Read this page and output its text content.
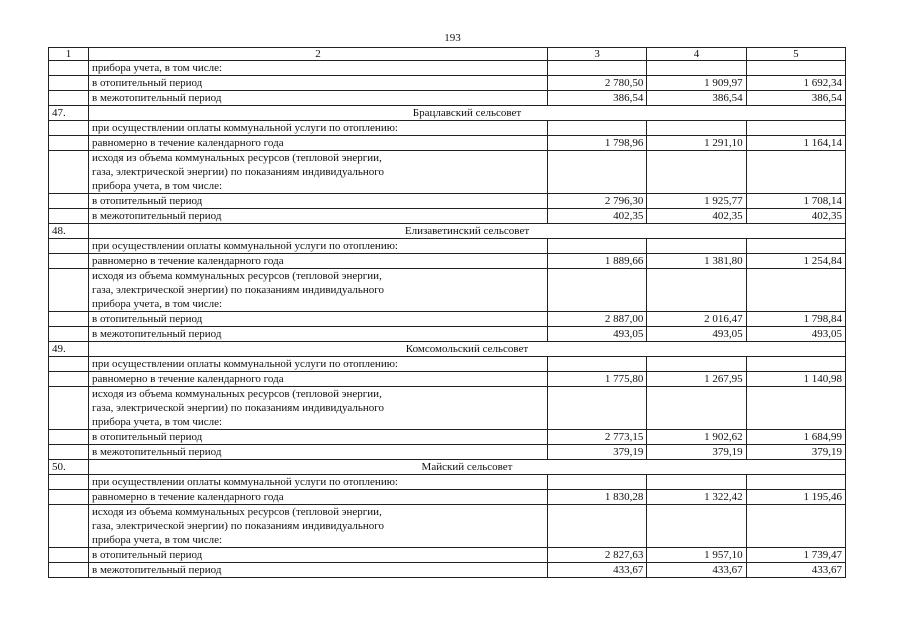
193
1	2	3	4	5
	прибора учета, в том числе:			
	в отопительный период	2 780,50	1 909,97	1 692,34
	в межотопительный период	386,54	386,54	386,54
47.	Брацлавский сельсовет			
	при осуществлении оплаты коммунальной услуги по отоплению:			
	равномерно в течение календарного года	1 798,96	1 291,10	1 164,14

	исходя из объема коммунальных ресурсов (тепловой энергии,
газа, электрической энергии) по показаниям индивидуального
прибора учета, в том числе:			

	в отопительный период	2 796,30	1 925,77	1 708,14
	в межотопительный период	402,35	402,35	402,35
48.	Елизаветинский сельсовет			
	при осуществлении оплаты коммунальной услуги по отоплению:			
	равномерно в течение календарного года	1 889,66	1 381,80	1 254,84

	исходя из объема коммунальных ресурсов (тепловой энергии,
газа, электрической энергии) по показаниям индивидуального
прибора учета, в том числе:			

	в отопительный период	2 887,00	2 016,47	1 798,84
	в межотопительный период	493,05	493,05	493,05
49.	Комсомольский сельсовет			
	при осуществлении оплаты коммунальной услуги по отоплению:			
	равномерно в течение календарного года	1 775,80	1 267,95	1 140,98

	исходя из объема коммунальных ресурсов (тепловой энергии,
газа, электрической энергии) по показаниям индивидуального
прибора учета, в том числе:			

	в отопительный период	2 773,15	1 902,62	1 684,99
	в межотопительный период	379,19	379,19	379,19
50.	Майский сельсовет			
	при осуществлении оплаты коммунальной услуги по отоплению:			
	равномерно в течение календарного года	1 830,28	1 322,42	1 195,46

	исходя из объема коммунальных ресурсов (тепловой энергии,
газа, электрической энергии) по показаниям индивидуального
прибора учета, в том числе:			

	в отопительный период	2 827,63	1 957,10	1 739,47
	в межотопительный период	433,67	433,67	433,67
